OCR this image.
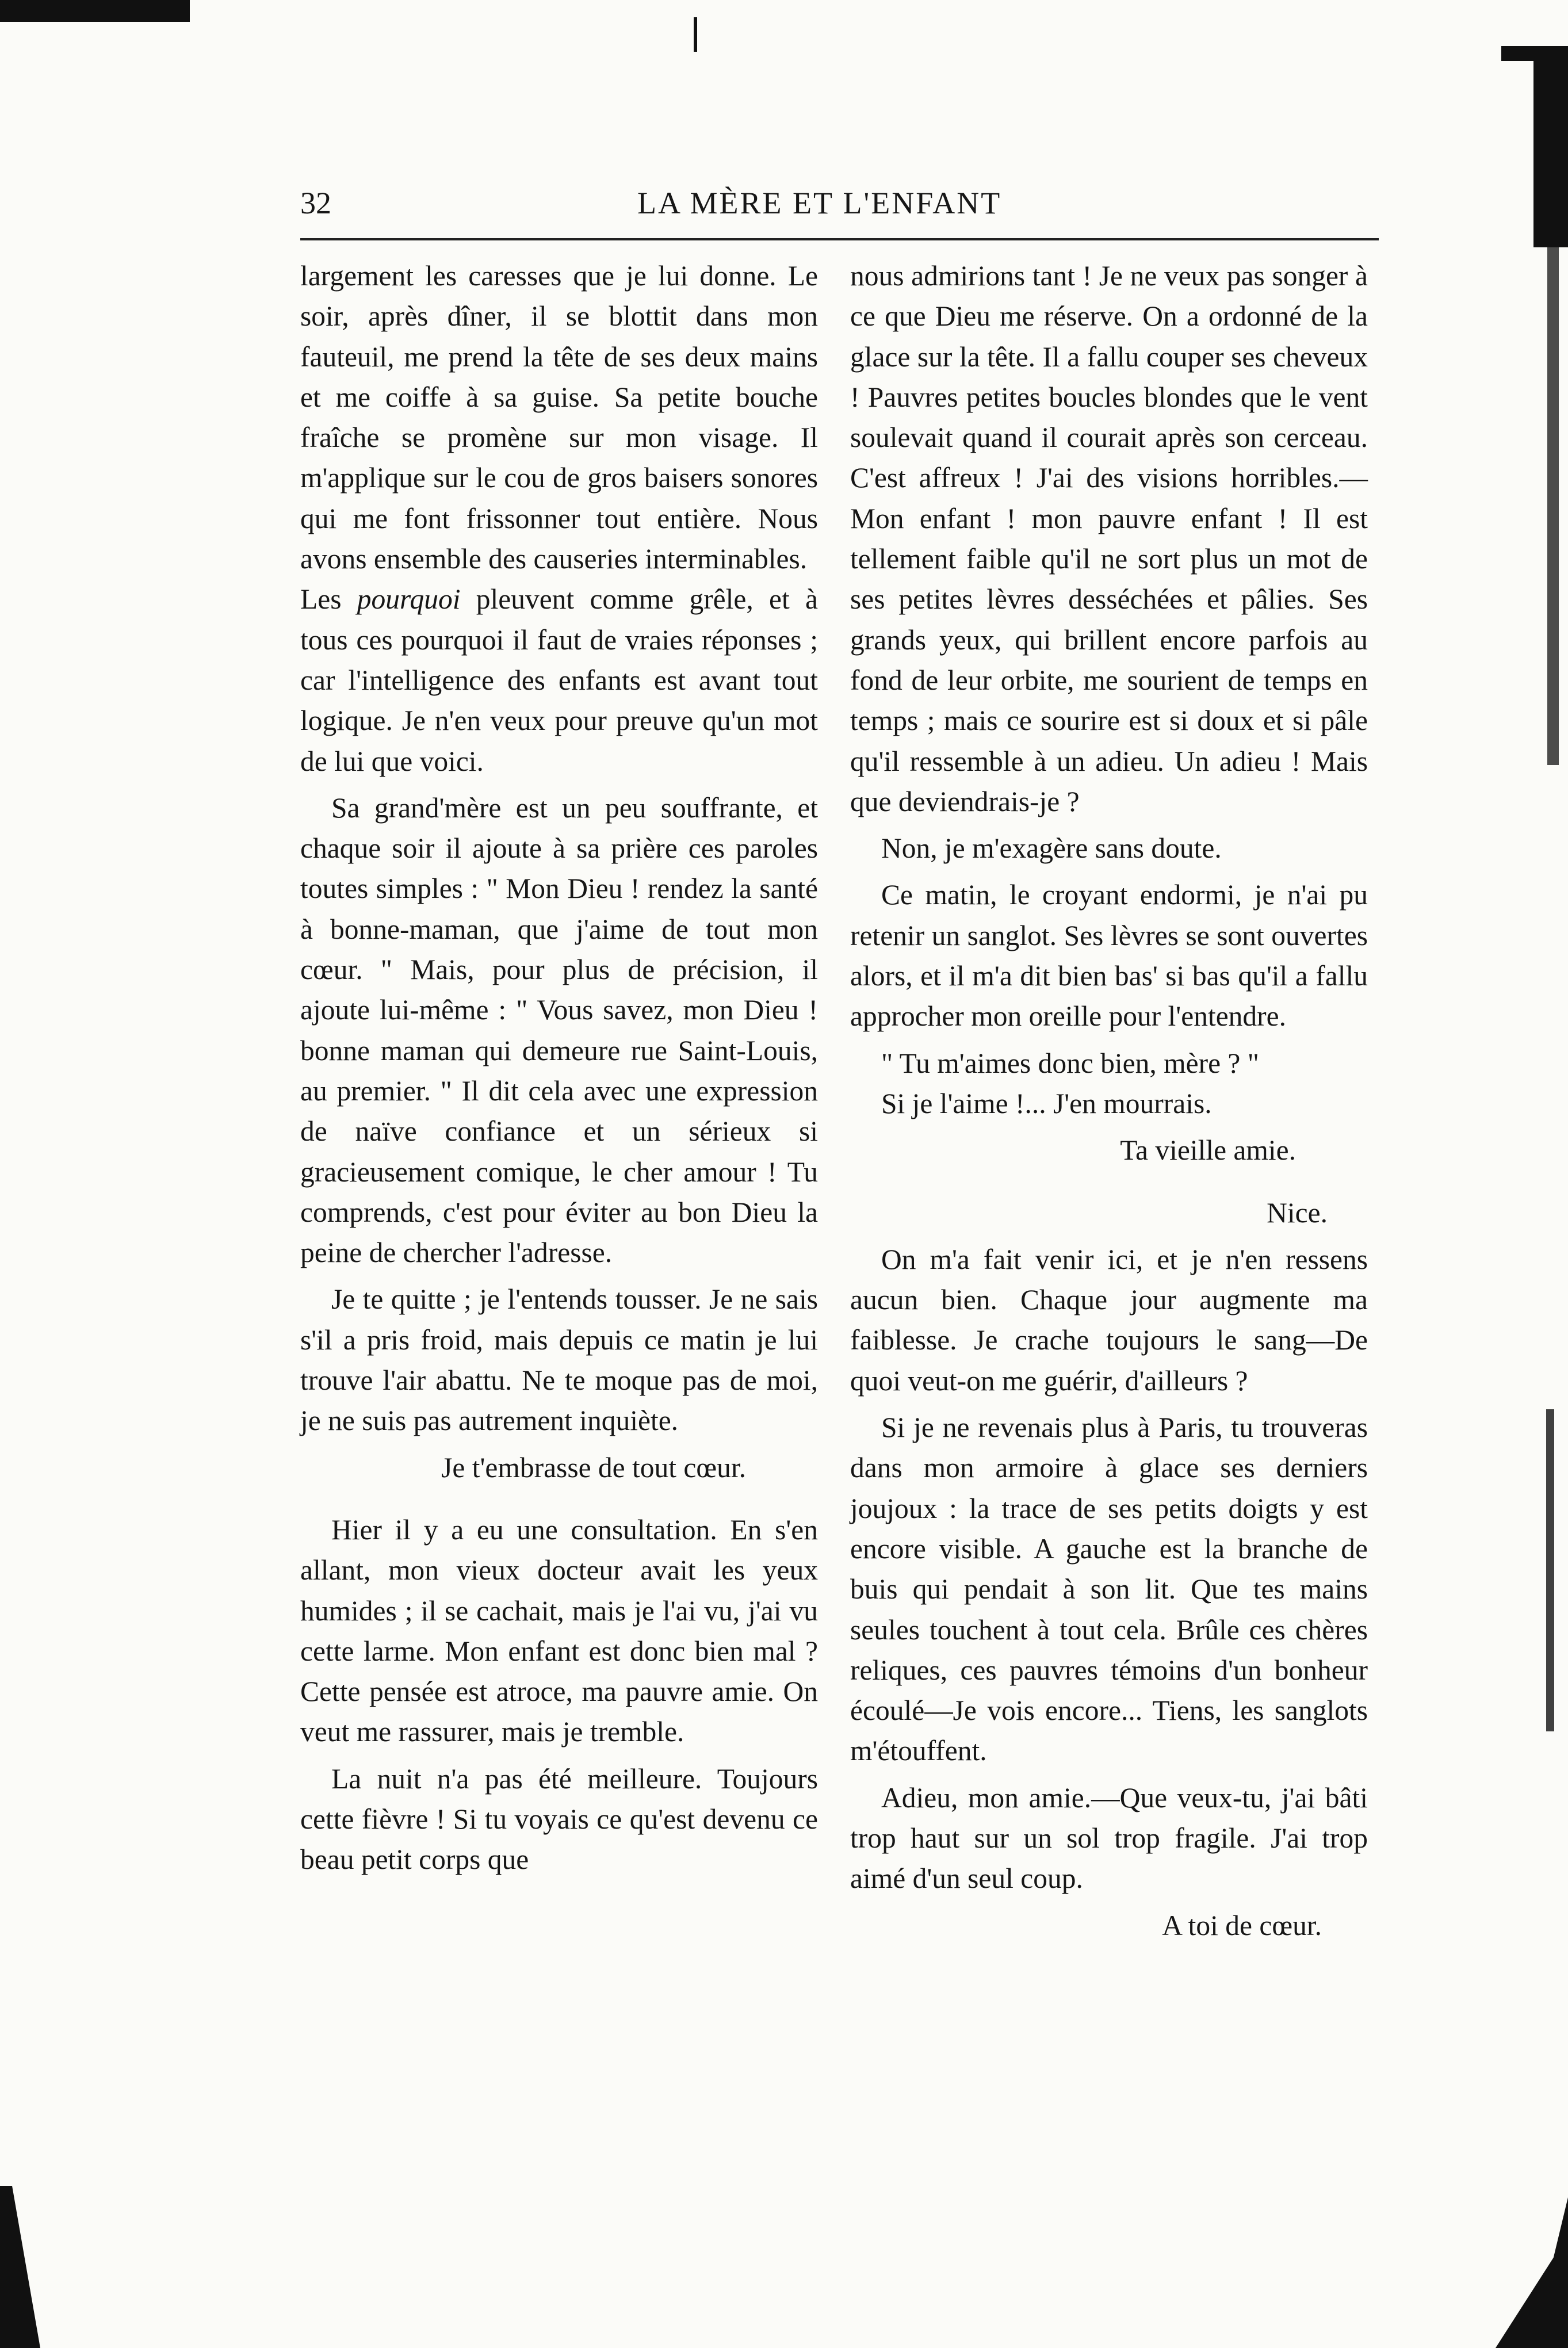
32	LA MÈRE ET L'ENFANT

largement les caresses que je lui donne. Le soir, après dîner, il se blottit dans mon fauteuil, me prend la tête de ses deux mains et me coiffe à sa guise. Sa petite bouche fraîche se promène sur mon visage. Il m'applique sur le cou de gros baisers sonores qui me font frissonner tout entière. Nous avons ensemble des causeries interminables.

Les pourquoi pleuvent comme grêle, et à tous ces pourquoi il faut de vraies réponses ; car l'intelligence des enfants est avant tout logique. Je n'en veux pour preuve qu'un mot de lui que voici.

Sa grand'mère est un peu souffrante, et chaque soir il ajoute à sa prière ces paroles toutes simples : " Mon Dieu ! rendez la santé à bonne-maman, que j'aime de tout mon cœur. " Mais, pour plus de précision, il ajoute lui-même : " Vous savez, mon Dieu ! bonne maman qui demeure rue Saint-Louis, au premier. " Il dit cela avec une expression de naïve confiance et un sérieux si gracieusement comique, le cher amour ! Tu comprends, c'est pour éviter au bon Dieu la peine de chercher l'adresse.

Je te quitte ; je l'entends tousser. Je ne sais s'il a pris froid, mais depuis ce matin je lui trouve l'air abattu. Ne te moque pas de moi, je ne suis pas autrement inquiète.

Je t'embrasse de tout cœur.

Hier il y a eu une consultation. En s'en allant, mon vieux docteur avait les yeux humides ; il se cachait, mais je l'ai vu, j'ai vu cette larme. Mon enfant est donc bien mal ? Cette pensée est atroce, ma pauvre amie. On veut me rassurer, mais je tremble.

La nuit n'a pas été meilleure. Toujours cette fièvre ! Si tu voyais ce qu'est devenu ce beau petit corps que

nous admirions tant ! Je ne veux pas songer à ce que Dieu me réserve. On a ordonné de la glace sur la tête. Il a fallu couper ses cheveux ! Pauvres petites boucles blondes que le vent soulevait quand il courait après son cerceau. C'est affreux ! J'ai des visions horribles.—Mon enfant ! mon pauvre enfant ! Il est tellement faible qu'il ne sort plus un mot de ses petites lèvres desséchées et pâlies. Ses grands yeux, qui brillent encore parfois au fond de leur orbite, me sourient de temps en temps ; mais ce sourire est si doux et si pâle qu'il ressemble à un adieu. Un adieu ! Mais que deviendrais-je ?

Non, je m'exagère sans doute.

Ce matin, le croyant endormi, je n'ai pu retenir un sanglot. Ses lèvres se sont ouvertes alors, et il m'a dit bien bas' si bas qu'il a fallu approcher mon oreille pour l'entendre.

" Tu m'aimes donc bien, mère ? "

Si je l'aime !... J'en mourrais.

Ta vieille amie.

Nice.

On m'a fait venir ici, et je n'en ressens aucun bien. Chaque jour augmente ma faiblesse. Je crache toujours le sang—De quoi veut-on me guérir, d'ailleurs ?

Si je ne revenais plus à Paris, tu trouveras dans mon armoire à glace ses derniers joujoux : la trace de ses petits doigts y est encore visible. A gauche est la branche de buis qui pendait à son lit. Que tes mains seules touchent à tout cela. Brûle ces chères reliques, ces pauvres témoins d'un bonheur écoulé—Je vois encore... Tiens, les sanglots m'étouffent.

Adieu, mon amie.—Que veux-tu, j'ai bâti trop haut sur un sol trop fragile. J'ai trop aimé d'un seul coup.

A toi de cœur.
